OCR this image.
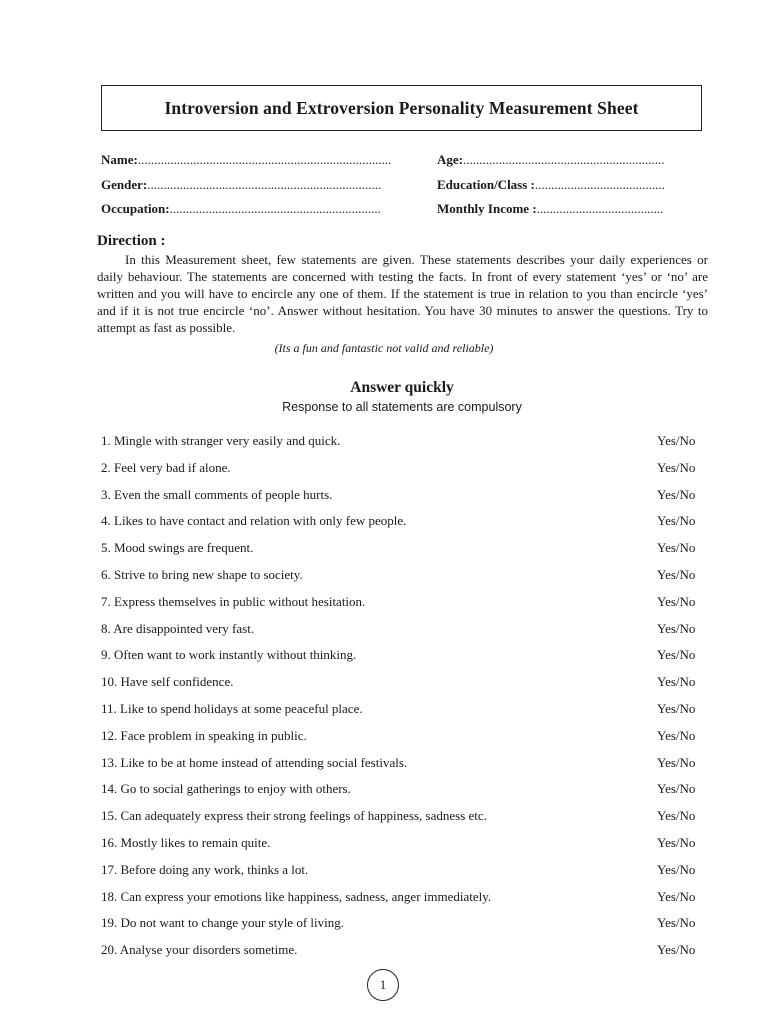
Introversion and Extroversion Personality Measurement Sheet
Name:..............................................................................	Age:..............................................................
Gender:........................................................................	Education/Class :........................................
Occupation:.................................................................	Monthly Income :.......................................
Direction :
In this Measurement sheet, few statements are given. These statements describes your daily experiences or daily behaviour. The statements are concerned with testing the facts. In front of every statement ‘yes’ or ‘no’ are written and you will have to encircle any one of them. If the statement is true in relation to you than encircle ‘yes’ and if it is not true encircle ‘no’. Answer without hesitation. You have 30 minutes to answer the questions. Try to attempt as fast as possible.
(Its a fun and fantastic not valid and reliable)
Answer quickly
Response to all statements are compulsory
1. Mingle with stranger very easily and quick.	Yes/No
2. Feel very bad if alone.	Yes/No
3. Even the small comments of people hurts.	Yes/No
4. Likes to have contact and relation with only few people.	Yes/No
5. Mood swings are frequent.	Yes/No
6. Strive to bring new shape to society.	Yes/No
7. Express themselves in public without hesitation.	Yes/No
8. Are disappointed very fast.	Yes/No
9. Often want to work instantly without thinking.	Yes/No
10. Have self confidence.	Yes/No
11. Like to spend holidays at some peaceful place.	Yes/No
12. Face problem in speaking in public.	Yes/No
13. Like to be at home instead of attending social festivals.	Yes/No
14. Go to social gatherings to enjoy with others.	Yes/No
15. Can adequately express their strong feelings of happiness, sadness etc.	Yes/No
16. Mostly likes to remain quite.	Yes/No
17. Before doing any work, thinks a lot.	Yes/No
18. Can express your emotions like happiness, sadness, anger immediately.	Yes/No
19. Do not want to change your style of living.	Yes/No
20. Analyse your disorders sometime.	Yes/No
1
